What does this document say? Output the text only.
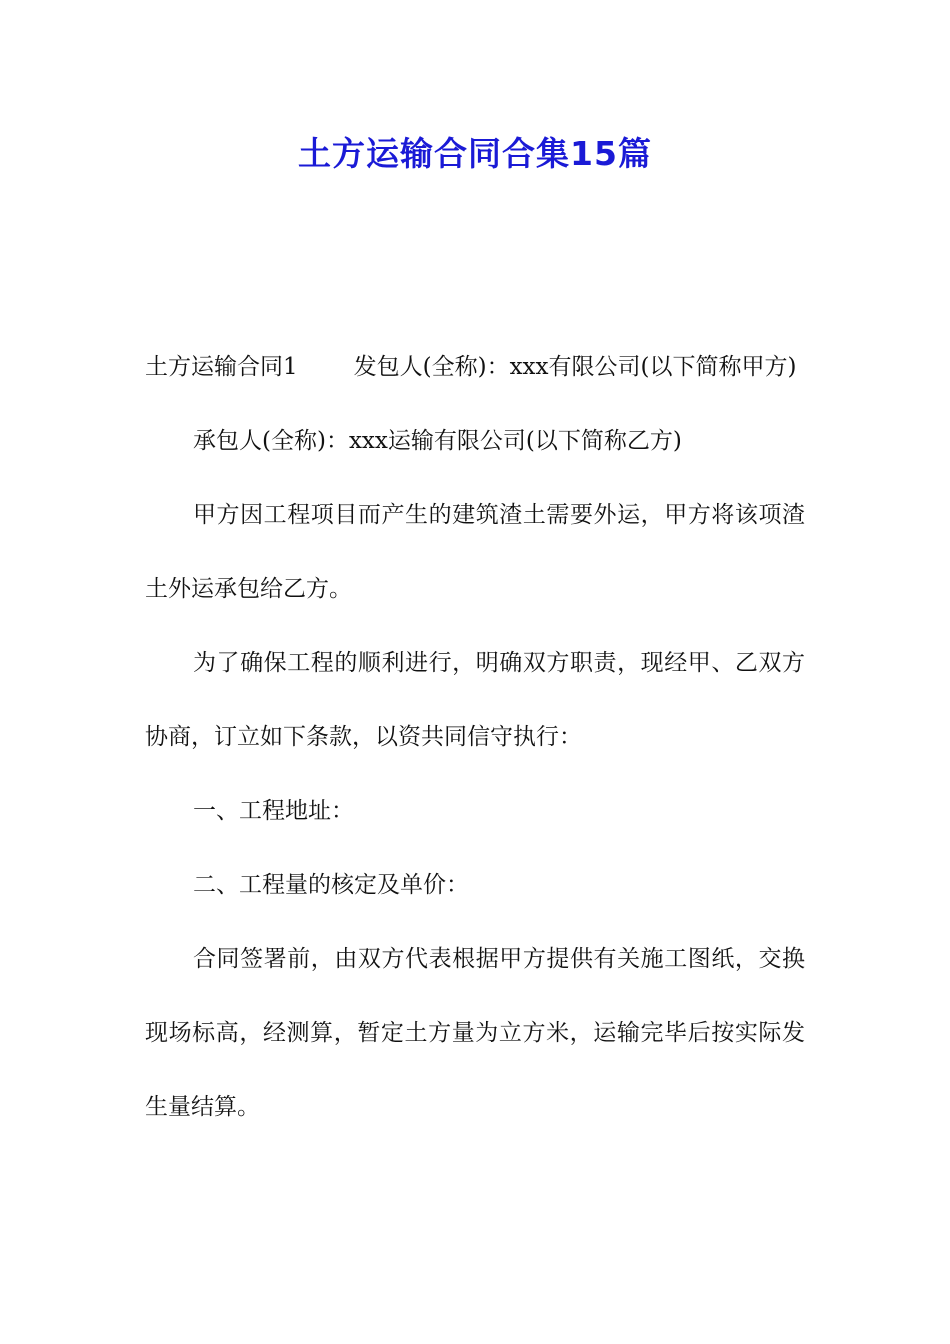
土方运输合同合集15篇

土方运输合同1 发包人(全称)：xxx有限公司(以下简称甲方)

承包人(全称)：xxx运输有限公司(以下简称乙方)

甲方因工程项目而产生的建筑渣土需要外运，甲方将该项渣土外运承包给乙方。

为了确保工程的顺利进行，明确双方职责，现经甲、乙双方协商，订立如下条款，以资共同信守执行：

一、工程地址：

二、工程量的核定及单价：

合同签署前，由双方代表根据甲方提供有关施工图纸，交换现场标高，经测算，暂定土方量为立方米，运输完毕后按实际发生量结算。
